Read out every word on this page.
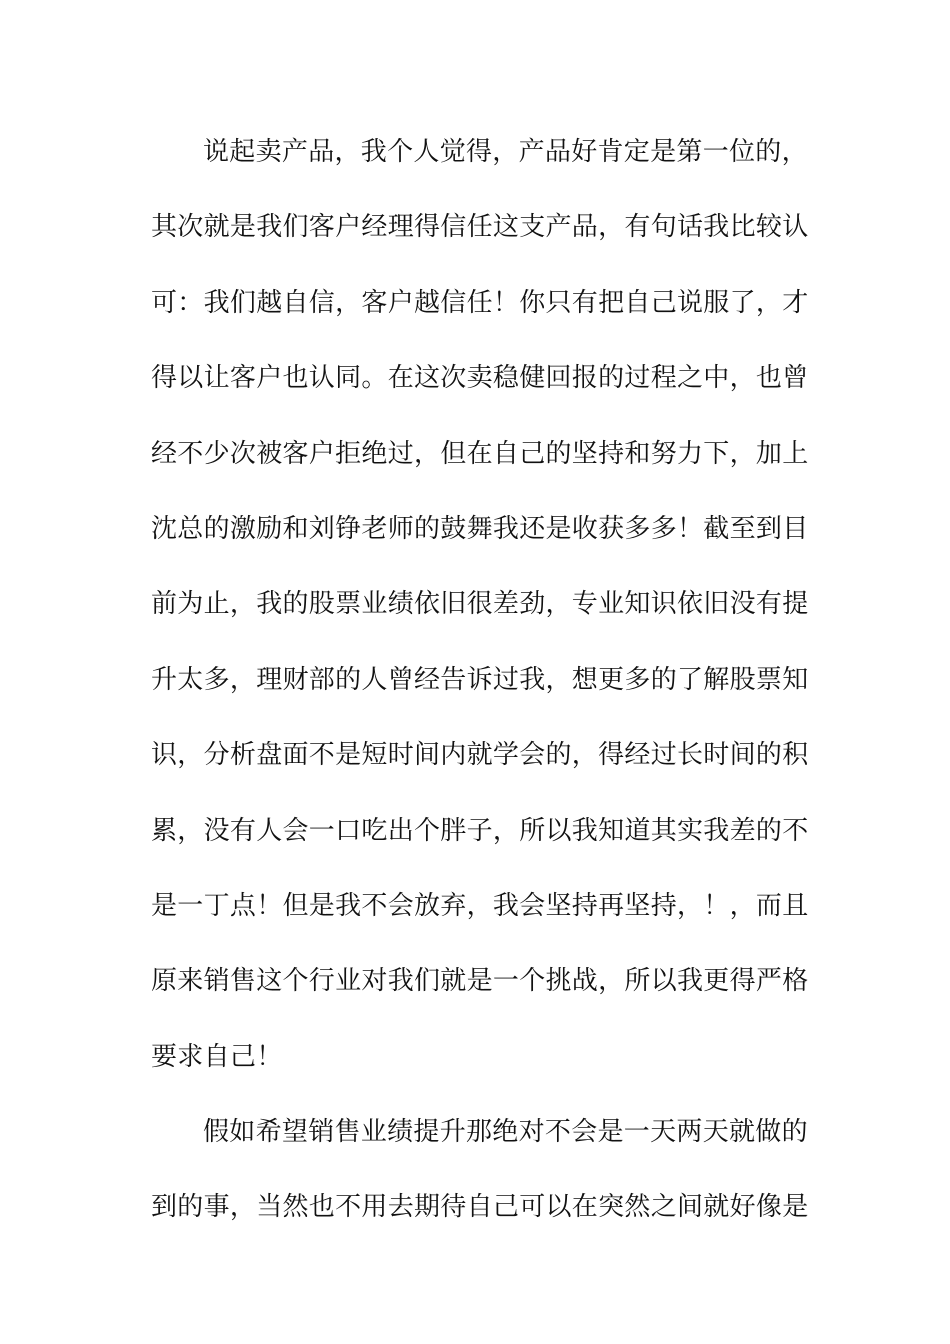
说起卖产品，我个人觉得，产品好肯定是第一位的，
其次就是我们客户经理得信任这支产品，有句话我比较认
可：我们越自信，客户越信任！你只有把自己说服了，才
得以让客户也认同。在这次卖稳健回报的过程之中，也曾
经不少次被客户拒绝过，但在自己的坚持和努力下，加上
沈总的激励和刘铮老师的鼓舞我还是收获多多！截至到目
前为止，我的股票业绩依旧很差劲，专业知识依旧没有提
升太多，理财部的人曾经告诉过我，想更多的了解股票知
识，分析盘面不是短时间内就学会的，得经过长时间的积
累，没有人会一口吃出个胖子，所以我知道其实我差的不
是一丁点！但是我不会放弃，我会坚持再坚持，！，而且
原来销售这个行业对我们就是一个挑战，所以我更得严格
要求自己！
假如希望销售业绩提升那绝对不会是一天两天就做的
到的事，当然也不用去期待自己可以在突然之间就好像是
